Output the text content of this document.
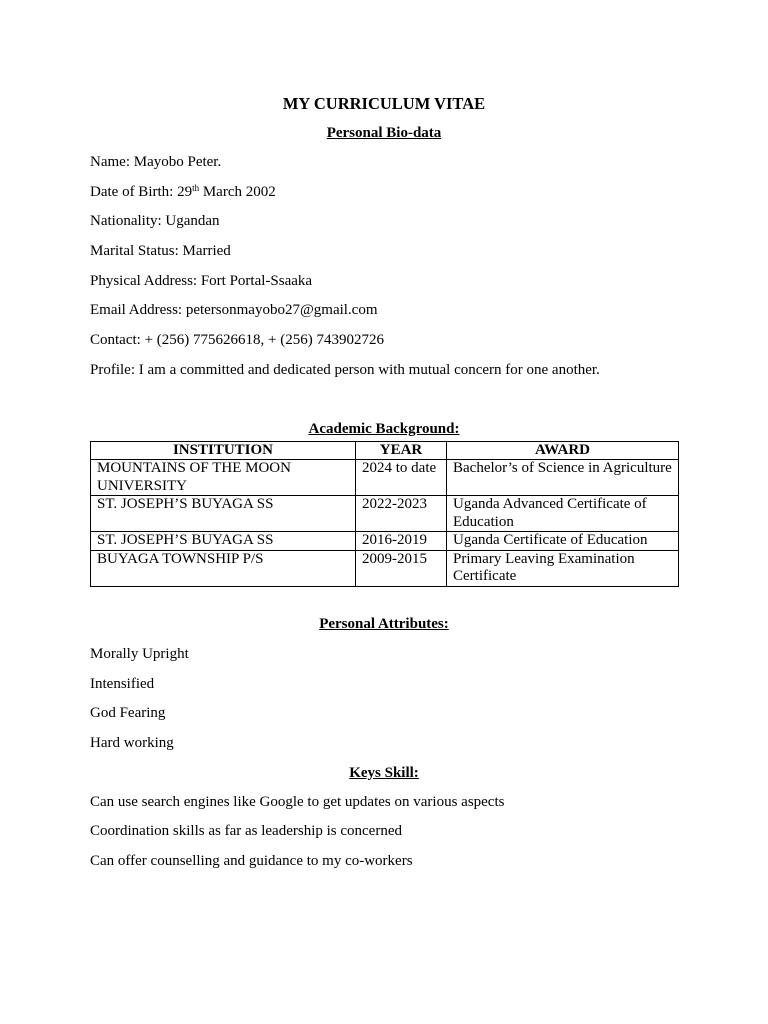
MY CURRICULUM VITAE
Personal Bio-data
Name: Mayobo Peter.
Date of Birth: 29th March 2002
Nationality: Ugandan
Marital Status: Married
Physical Address: Fort Portal-Ssaaka
Email Address: petersonmayobo27@gmail.com
Contact: + (256) 775626618, + (256) 743902726
Profile: I am a committed and dedicated person with mutual concern for one another.
Academic Background:
INSTITUTION	YEAR	AWARD
MOUNTAINS OF THE MOON UNIVERSITY	2024 to date	Bachelor’s of Science in Agriculture
ST. JOSEPH’S BUYAGA SS	2022-2023	Uganda Advanced Certificate of Education
ST. JOSEPH’S BUYAGA SS	2016-2019	Uganda Certificate of Education
BUYAGA TOWNSHIP P/S	2009-2015	Primary Leaving Examination Certificate
Personal Attributes:
Morally Upright
Intensified
God Fearing
Hard working
Keys Skill:
Can use search engines like Google to get updates on various aspects
Coordination skills as far as leadership is concerned
Can offer counselling and guidance to my co-workers
